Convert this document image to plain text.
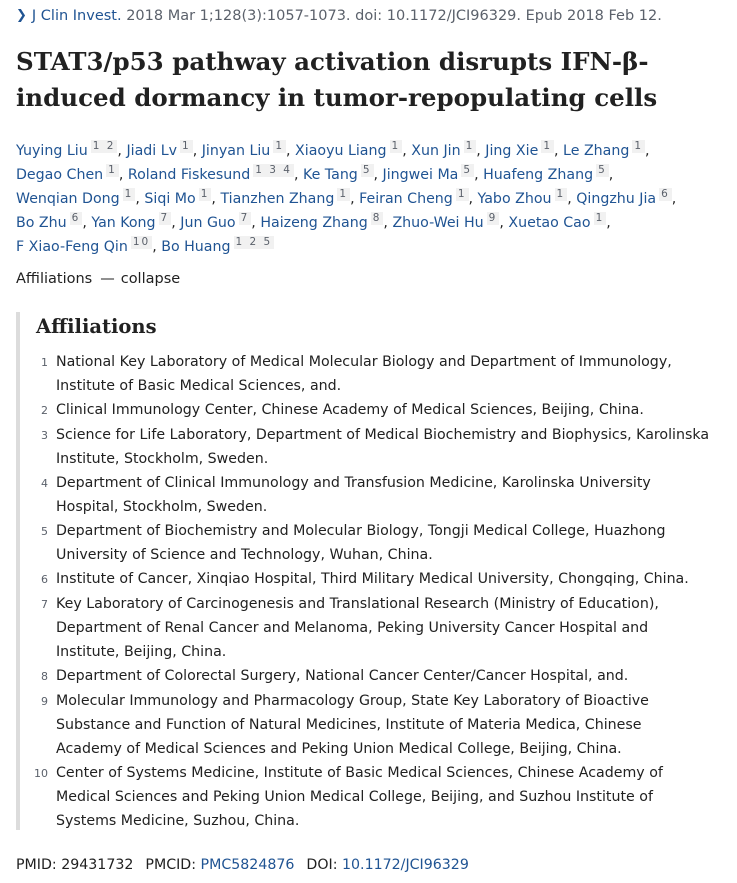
❯ J Clin Invest. 2018 Mar 1;128(3):1057-1073. doi: 10.1172/JCI96329. Epub 2018 Feb 12.
STAT3/p53 pathway activation disrupts IFN-β-induced dormancy in tumor-repopulating cells
Yuying Liu 1 2 , Jiadi Lv 1 , Jinyan Liu 1 , Xiaoyu Liang 1 , Xun Jin 1 , Jing Xie 1 , Le Zhang 1 , Degao Chen 1 , Roland Fiskesund 1 3 4 , Ke Tang 5 , Jingwei Ma 5 , Huafeng Zhang 5 , Wenqian Dong 1 , Siqi Mo 1 , Tianzhen Zhang 1 , Feiran Cheng 1 , Yabo Zhou 1 , Qingzhu Jia 6 , Bo Zhu 6 , Yan Kong 7 , Jun Guo 7 , Haizeng Zhang 8 , Zhuo-Wei Hu 9 , Xuetao Cao 1 , F Xiao-Feng Qin 10 , Bo Huang 1 2 5
Affiliations — collapse
Affiliations
1 National Key Laboratory of Medical Molecular Biology and Department of Immunology, Institute of Basic Medical Sciences, and.
2 Clinical Immunology Center, Chinese Academy of Medical Sciences, Beijing, China.
3 Science for Life Laboratory, Department of Medical Biochemistry and Biophysics, Karolinska Institute, Stockholm, Sweden.
4 Department of Clinical Immunology and Transfusion Medicine, Karolinska University Hospital, Stockholm, Sweden.
5 Department of Biochemistry and Molecular Biology, Tongji Medical College, Huazhong University of Science and Technology, Wuhan, China.
6 Institute of Cancer, Xinqiao Hospital, Third Military Medical University, Chongqing, China.
7 Key Laboratory of Carcinogenesis and Translational Research (Ministry of Education), Department of Renal Cancer and Melanoma, Peking University Cancer Hospital and Institute, Beijing, China.
8 Department of Colorectal Surgery, National Cancer Center/Cancer Hospital, and.
9 Molecular Immunology and Pharmacology Group, State Key Laboratory of Bioactive Substance and Function of Natural Medicines, Institute of Materia Medica, Chinese Academy of Medical Sciences and Peking Union Medical College, Beijing, China.
10 Center of Systems Medicine, Institute of Basic Medical Sciences, Chinese Academy of Medical Sciences and Peking Union Medical College, Beijing, and Suzhou Institute of Systems Medicine, Suzhou, China.
PMID: 29431732 PMCID: PMC5824876 DOI: 10.1172/JCI96329
